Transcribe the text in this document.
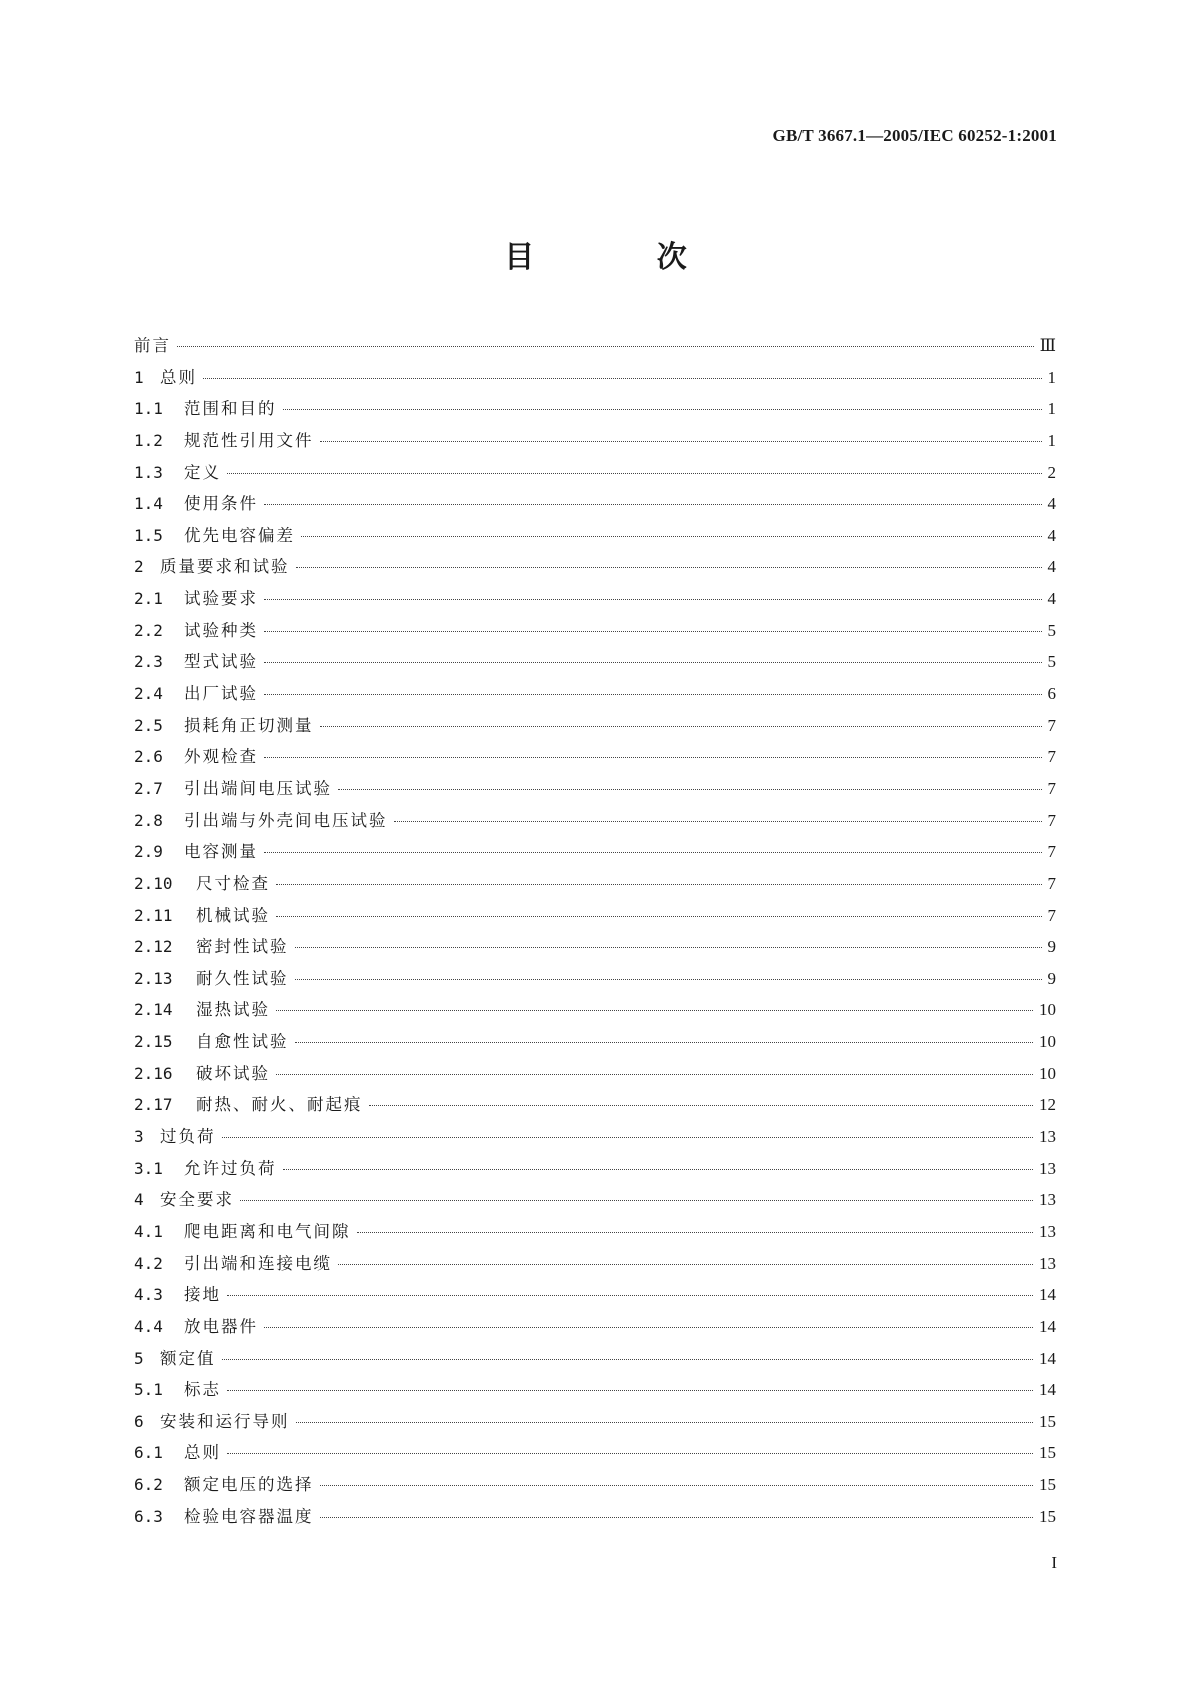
GB/T 3667.1—2005/IEC 60252-1:2001
目 次
前言	Ⅲ
1 总则	1
1.1	范围和目的	1
1.2	规范性引用文件	1
1.3	定义	2
1.4	使用条件	4
1.5	优先电容偏差	4
2 质量要求和试验	4
2.1	试验要求	4
2.2	试验种类	5
2.3	型式试验	5
2.4	出厂试验	6
2.5	损耗角正切测量	7
2.6	外观检查	7
2.7	引出端间电压试验	7
2.8	引出端与外壳间电压试验	7
2.9	电容测量	7
2.10	尺寸检查	7
2.11	机械试验	7
2.12	密封性试验	9
2.13	耐久性试验	9
2.14	湿热试验	10
2.15	自愈性试验	10
2.16	破坏试验	10
2.17	耐热、耐火、耐起痕	12
3 过负荷	13
3.1	允许过负荷	13
4 安全要求	13
4.1	爬电距离和电气间隙	13
4.2	引出端和连接电缆	13
4.3	接地	14
4.4	放电器件	14
5 额定值	14
5.1	标志	14
6 安装和运行导则	15
6.1	总则	15
6.2	额定电压的选择	15
6.3	检验电容器温度	15
I
